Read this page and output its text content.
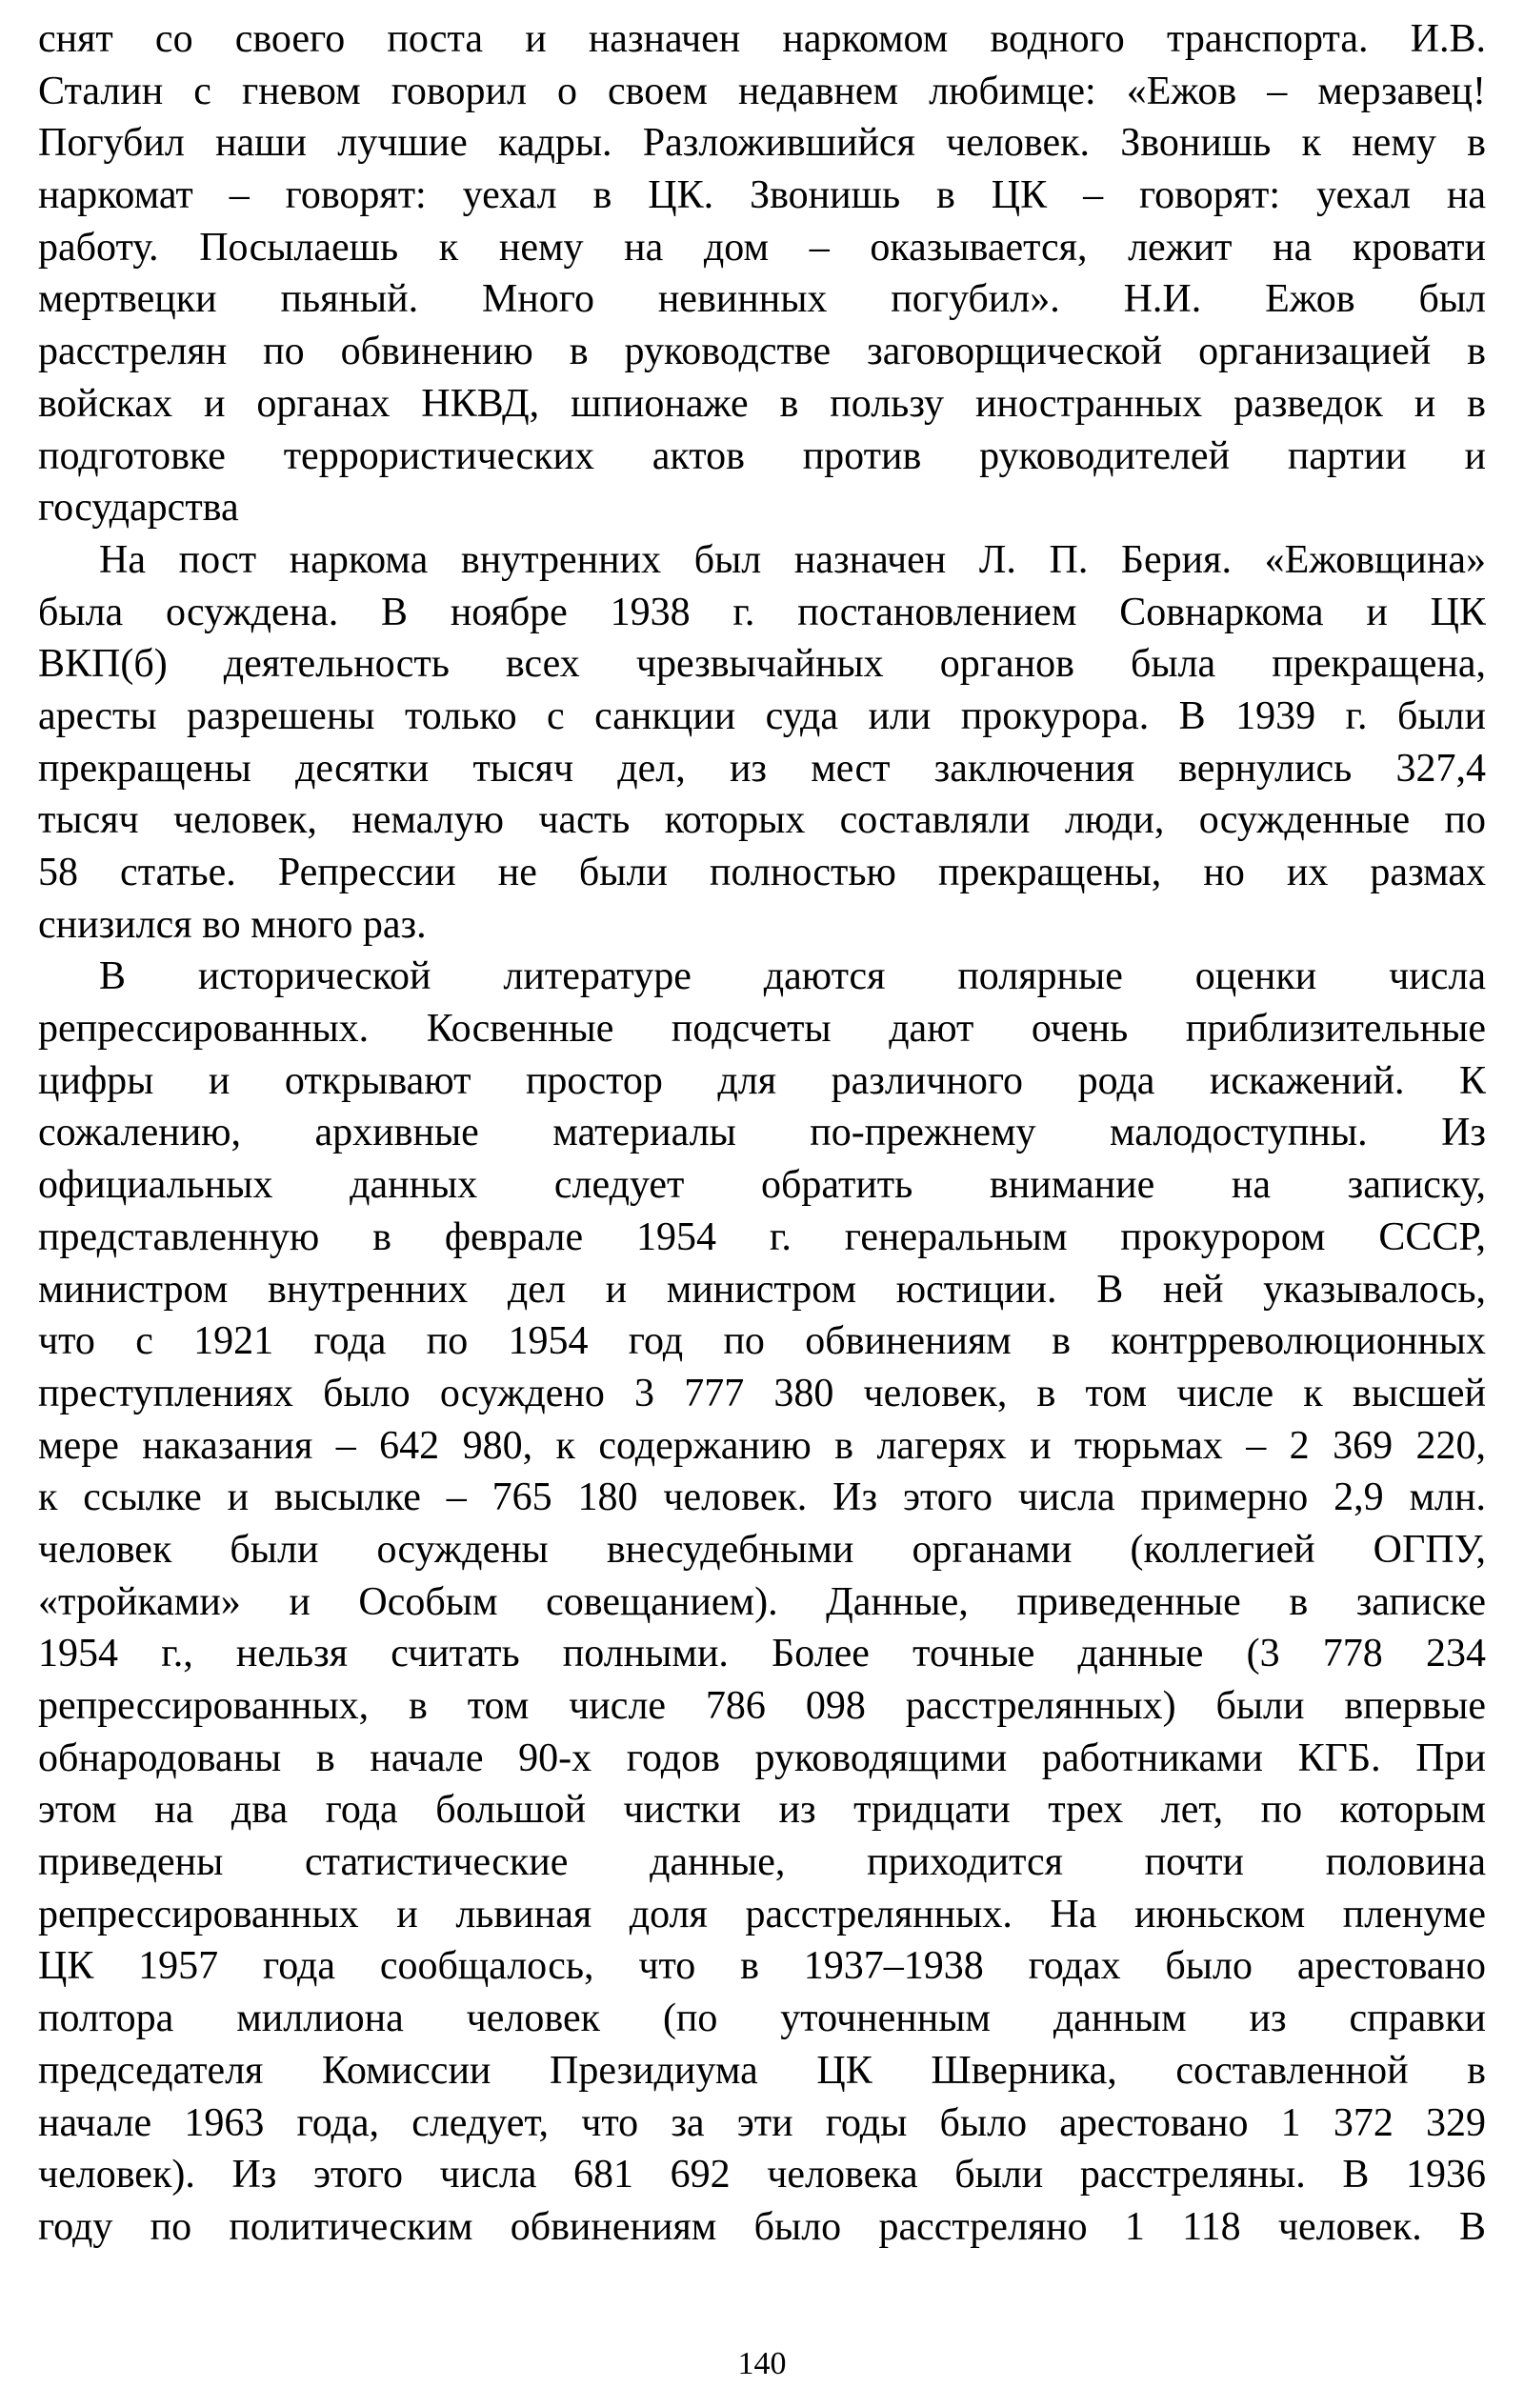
снят со своего поста и назначен наркомом водного транспорта. И.В.
Сталин с гневом говорил о своем недавнем любимце: «Ежов – мерзавец!
Погубил наши лучшие кадры. Разложившийся человек. Звонишь к нему в
наркомат – говорят: уехал в ЦК. Звонишь в ЦК – говорят: уехал на
работу. Посылаешь к нему на дом – оказывается, лежит на кровати
мертвецки пьяный. Много невинных погубил». Н.И. Ежов был
расстрелян по обвинению в руководстве заговорщической организацией в
войсках и органах НКВД, шпионаже в пользу иностранных разведок и в
подготовке террористических актов против руководителей партии и
государства
На пост наркома внутренних был назначен Л. П. Берия. «Ежовщина»
была осуждена. В ноябре 1938 г. постановлением Совнаркома и ЦК
ВКП(б) деятельность всех чрезвычайных органов была прекращена,
аресты разрешены только с санкции суда или прокурора. В 1939 г. были
прекращены десятки тысяч дел, из мест заключения вернулись 327,4
тысяч человек, немалую часть которых составляли люди, осужденные по
58 статье. Репрессии не были полностью прекращены, но их размах
снизился во много раз.
В исторической литературе даются полярные оценки числа
репрессированных. Косвенные подсчеты дают очень приблизительные
цифры и открывают простор для различного рода искажений. К
сожалению, архивные материалы по-прежнему малодоступны. Из
официальных данных следует обратить внимание на записку,
представленную в феврале 1954 г. генеральным прокурором СССР,
министром внутренних дел и министром юстиции. В ней указывалось,
что с 1921 года по 1954 год по обвинениям в контрреволюционных
преступлениях было осуждено 3 777 380 человек, в том числе к высшей
мере наказания – 642 980, к содержанию в лагерях и тюрьмах – 2 369 220,
к ссылке и высылке – 765 180 человек. Из этого числа примерно 2,9 млн.
человек были осуждены внесудебными органами (коллегией ОГПУ,
«тройками» и Особым совещанием). Данные, приведенные в записке
1954 г., нельзя считать полными. Более точные данные (3 778 234
репрессированных, в том числе 786 098 расстрелянных) были впервые
обнародованы в начале 90-х годов руководящими работниками КГБ. При
этом на два года большой чистки из тридцати трех лет, по которым
приведены статистические данные, приходится почти половина
репрессированных и львиная доля расстрелянных. На июньском пленуме
ЦК 1957 года сообщалось, что в 1937–1938 годах было арестовано
полтора миллиона человек (по уточненным данным из справки
председателя Комиссии Президиума ЦК Шверника, составленной в
начале 1963 года, следует, что за эти годы было арестовано 1 372 329
человек). Из этого числа 681 692 человека были расстреляны. В 1936
году по политическим обвинениям было расстреляно 1 118 человек. В
140
